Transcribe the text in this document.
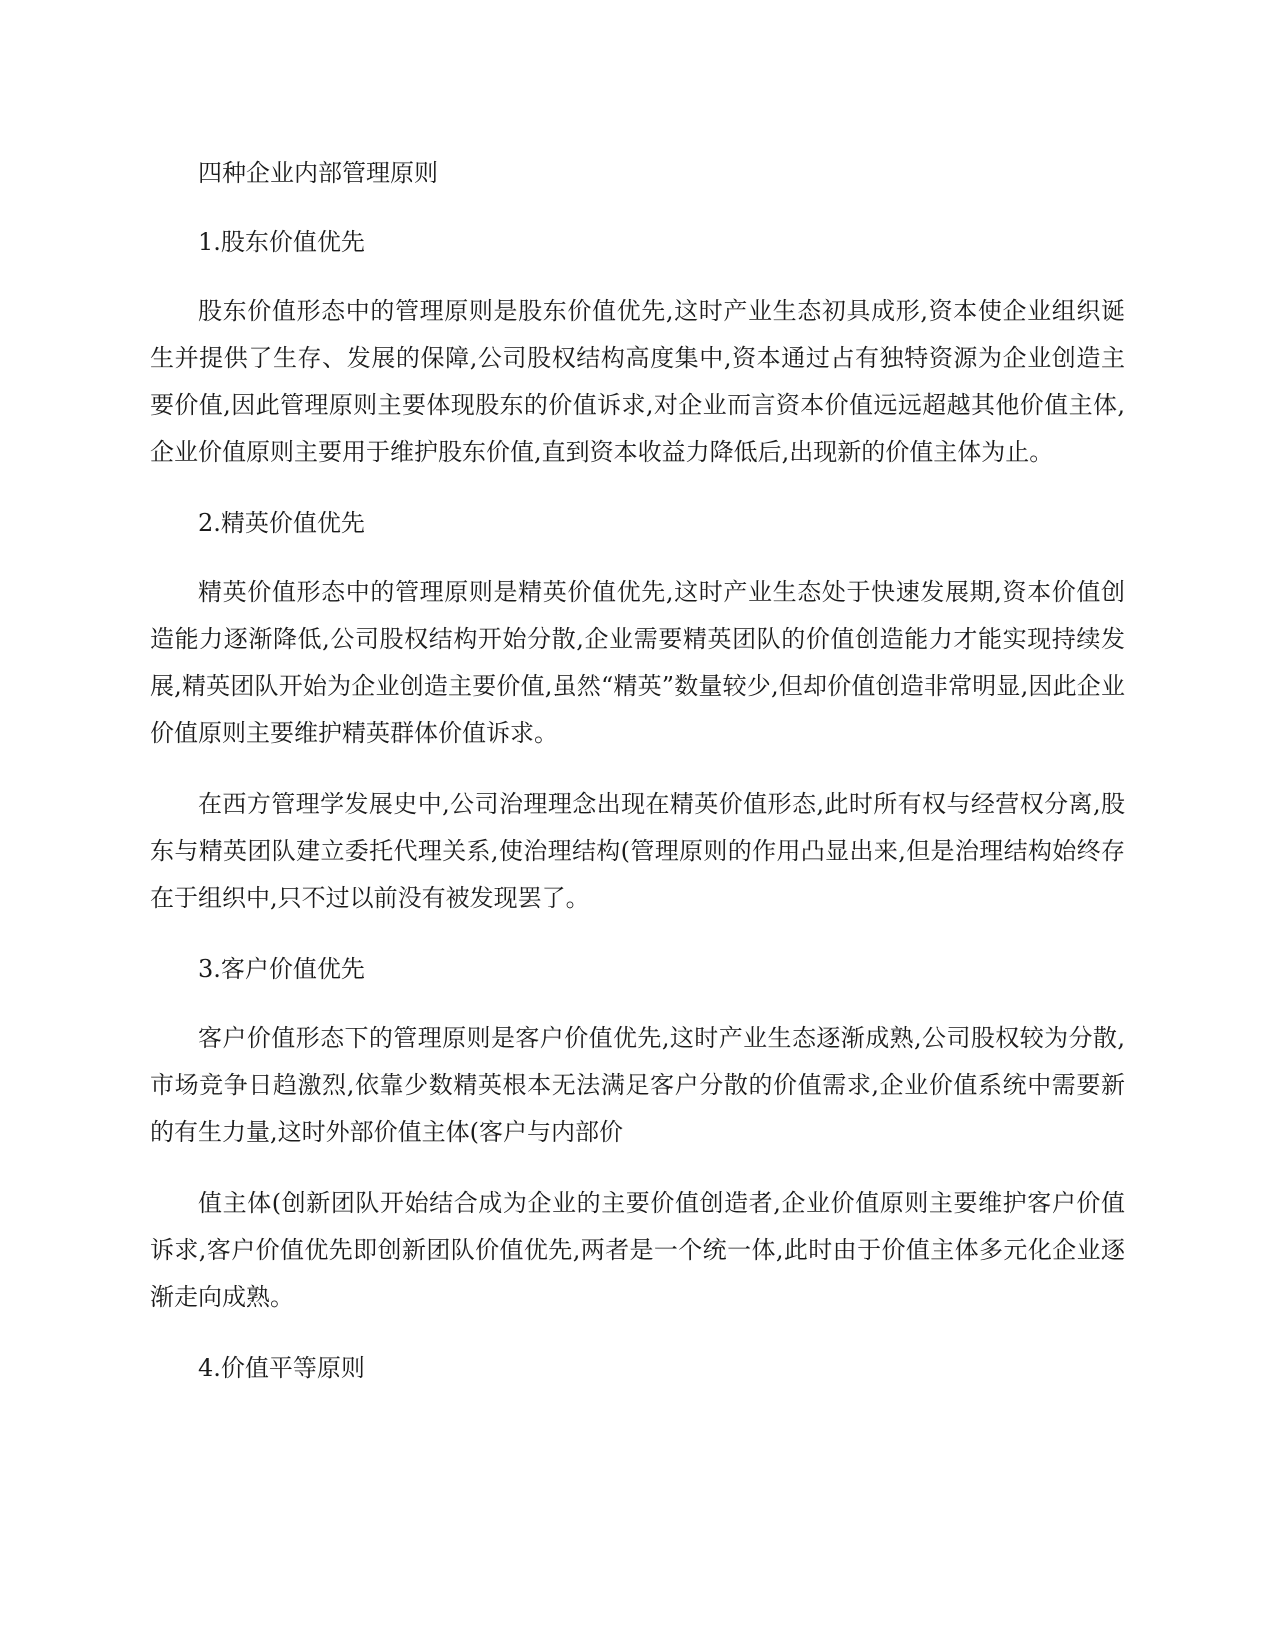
四种企业内部管理原则

1.股东价值优先

股东价值形态中的管理原则是股东价值优先,这时产业生态初具成形,资本使企业组织诞生并提供了生存、发展的保障,公司股权结构高度集中,资本通过占有独特资源为企业创造主要价值,因此管理原则主要体现股东的价值诉求,对企业而言资本价值远远超越其他价值主体,企业价值原则主要用于维护股东价值,直到资本收益力降低后,出现新的价值主体为止。

2.精英价值优先

精英价值形态中的管理原则是精英价值优先,这时产业生态处于快速发展期,资本价值创造能力逐渐降低,公司股权结构开始分散,企业需要精英团队的价值创造能力才能实现持续发展,精英团队开始为企业创造主要价值,虽然“精英”数量较少,但却价值创造非常明显,因此企业价值原则主要维护精英群体价值诉求。

在西方管理学发展史中,公司治理理念出现在精英价值形态,此时所有权与经营权分离,股东与精英团队建立委托代理关系,使治理结构(管理原则的作用凸显出来,但是治理结构始终存在于组织中,只不过以前没有被发现罢了。

3.客户价值优先

客户价值形态下的管理原则是客户价值优先,这时产业生态逐渐成熟,公司股权较为分散,市场竞争日趋激烈,依靠少数精英根本无法满足客户分散的价值需求,企业价值系统中需要新的有生力量,这时外部价值主体(客户与内部价

值主体(创新团队开始结合成为企业的主要价值创造者,企业价值原则主要维护客户价值诉求,客户价值优先即创新团队价值优先,两者是一个统一体,此时由于价值主体多元化企业逐渐走向成熟。

4.价值平等原则
